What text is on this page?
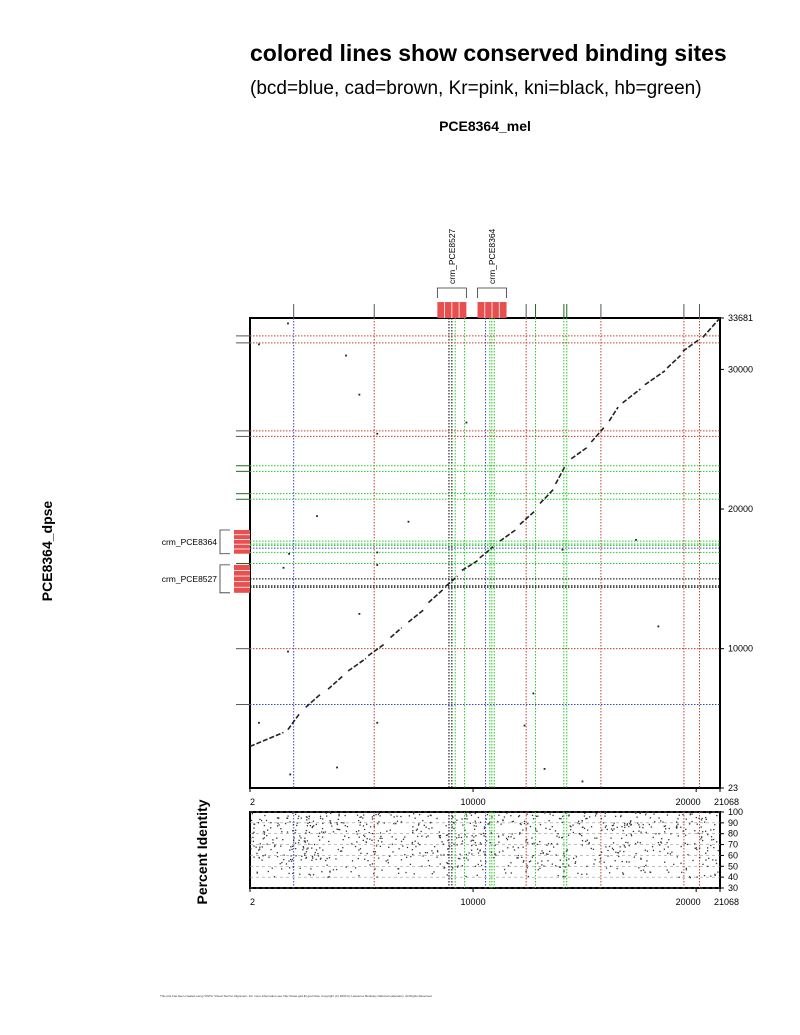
colored lines show conserved binding sites
(bcd=blue, cad=brown, Kr=pink, kni=black, hb=green)
PCE8364_mel
PCE8364_dpse
Percent Identity
This plot has been created using VISTA: Visual Tool for Alignment. For more information see http://www-gsd.lbl.gov/vista. Copyright (C) 2000 by Lawrence Berkeley National Laboratory. All Rights Reserved.
crm_PCE8527	crm_PCE8364
crm_PCE8364
crm_PCE8527
2	10000	20000 21068
23
10000
20000
30000
33681
100
90
80
70
60
50
40
30
2	10000	20000 21068
